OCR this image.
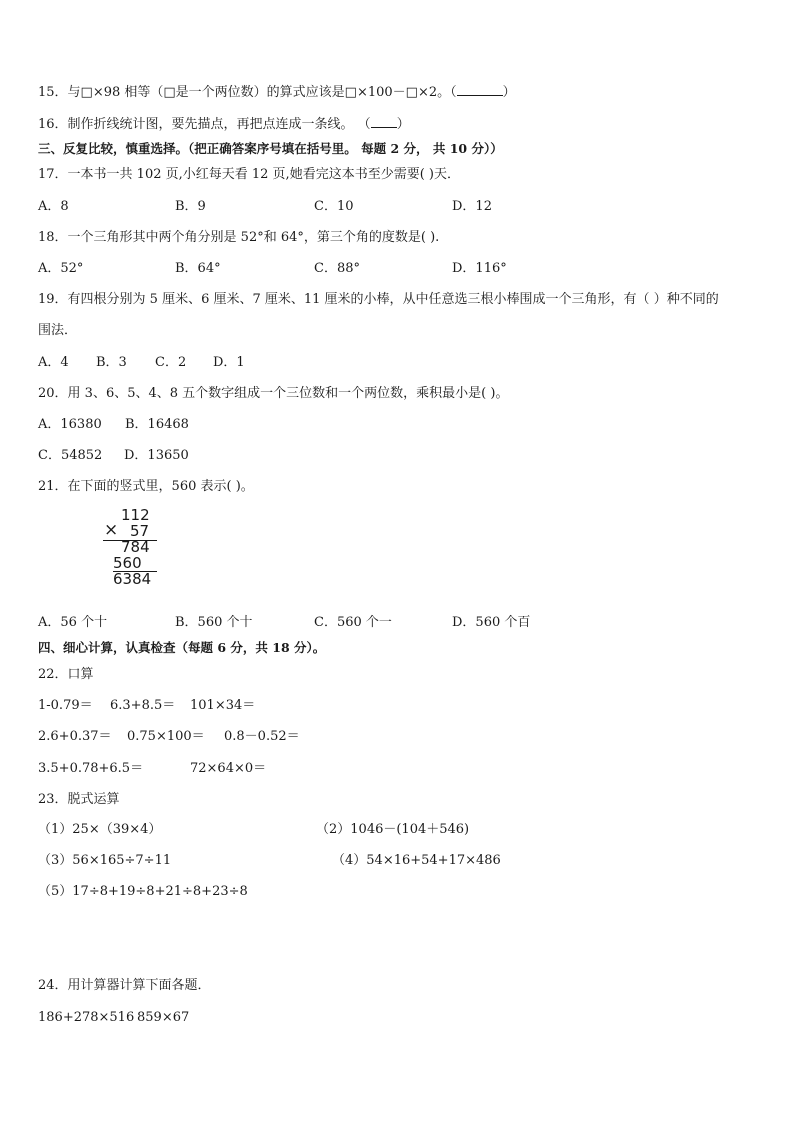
15．与□×98 相等（□是一个两位数）的算式应该是□×100－□×2。（	）
16．制作折线统计图，要先描点，再把点连成一条线。 （ ）
三、反复比较，慎重选择。（把正确答案序号填在括号里。 每题 2 分， 共 10 分））
17．一本书一共 102 页,小红每天看 12 页,她看完这本书至少需要( )天．
A．8	B．9	C．10	D．12
18．一个三角形其中两个角分别是 52°和 64°，第三个角的度数是( ).
A．52°	B．64°	C．88°	D．116°
19．有四根分别为 5 厘米、6 厘米、7 厘米、11 厘米的小棒，从中任意选三根小棒围成一个三角形，有（ ）种不同的
围法．
A．4 B．3 C．2 D．1
20．用 3、6、5、4、8 五个数字组成一个三位数和一个两位数，乘积最小是( )。
A．16380 B．16468
C．54852 D．13650
21．在下面的竖式里，560 表示( )。
112
× 57
784
560
6384
A．56 个十	B．560 个十	C．560 个一	D．560 个百
四、细心计算，认真检查（每题 6 分，共 18 分）。
22．口算
1-0.79＝ 6.3+8.5＝ 101×34＝
2.6+0.37＝ 0.75×100＝ 0.8－0.52＝
3.5+0.78+6.5＝	72×64×0＝
23．脱式运算
（1）25×（39×4）	（2）1046－(104＋546)
（3）56×165÷7÷11	（4）54×16+54+17×486
（5）17÷8+19÷8+21÷8+23÷8
24．用计算器计算下面各题．
186+278×516 859×67
